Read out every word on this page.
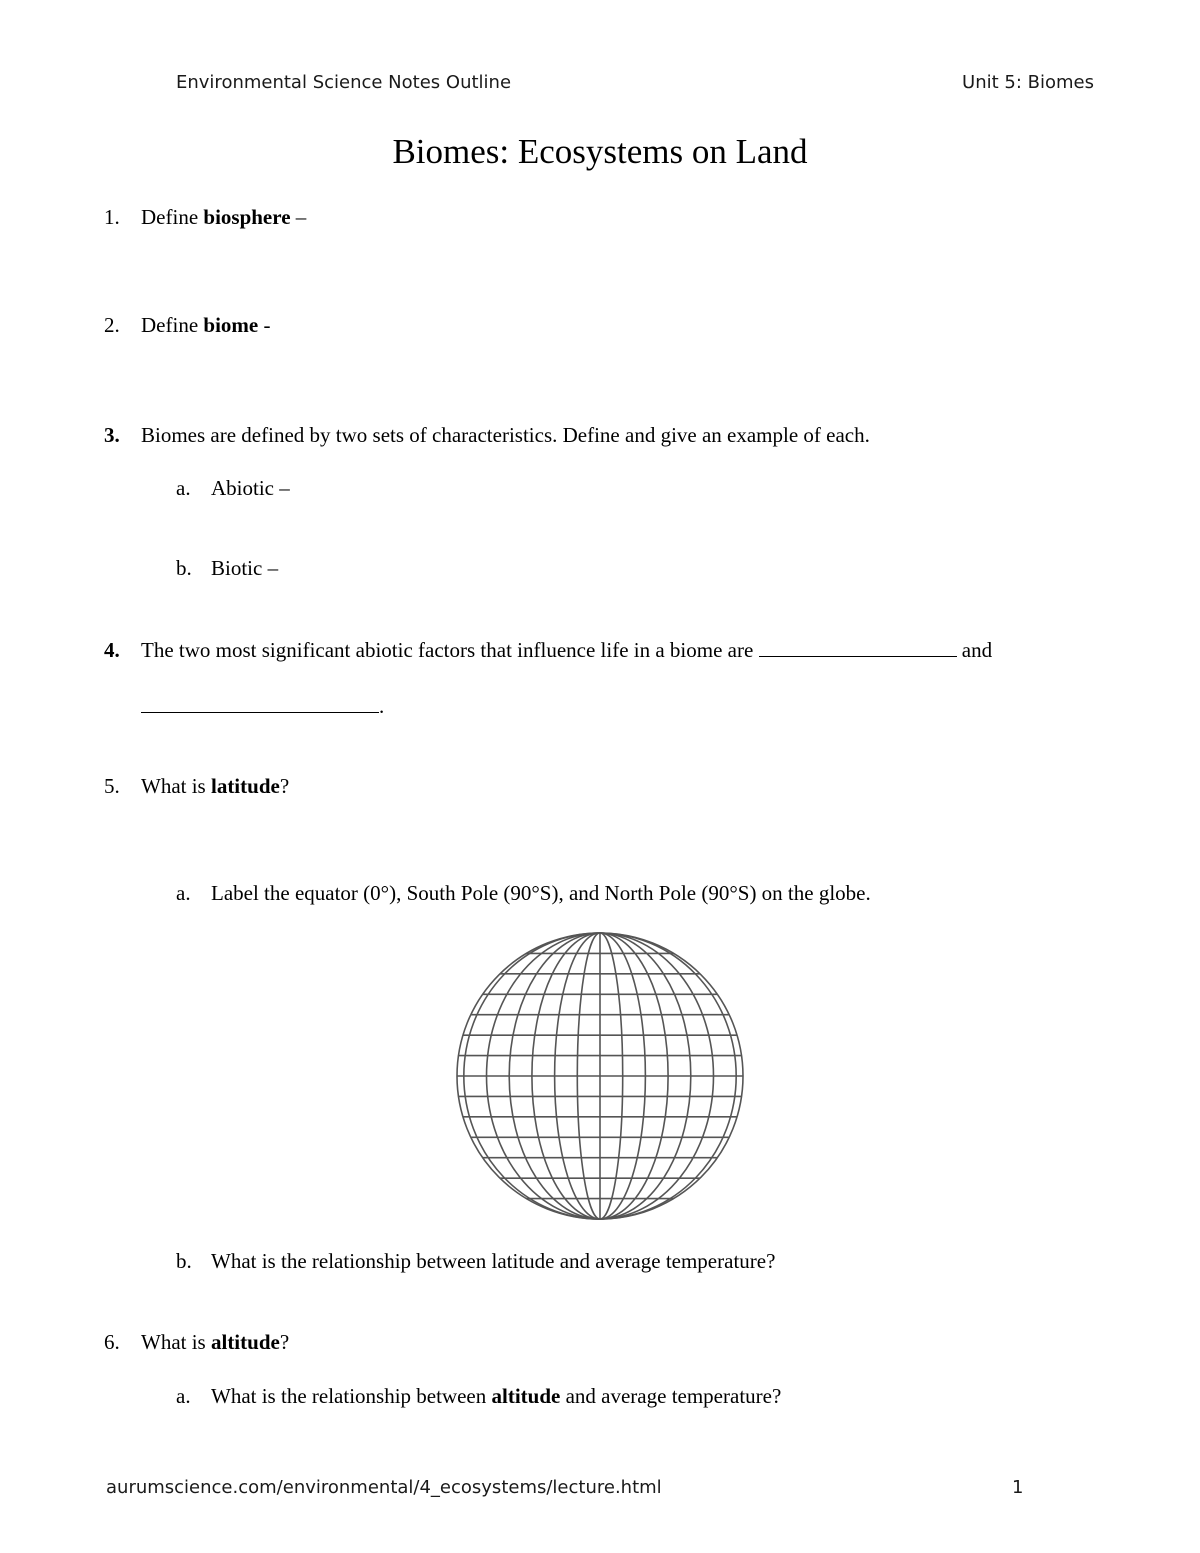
Environmental Science Notes Outline	Unit 5: Biomes
Biomes: Ecosystems on Land
1. Define biosphere –
2. Define biome -
3. Biomes are defined by two sets of characteristics. Define and give an example of each.
a. Abiotic –
b. Biotic –
4. The two most significant abiotic factors that influence life in a biome are	and
.
5. What is latitude?
a. Label the equator (0°), South Pole (90°S), and North Pole (90°S) on the globe.
b. What is the relationship between latitude and average temperature?
6. What is altitude?
a. What is the relationship between altitude and average temperature?
aurumscience.com/environmental/4_ecosystems/lecture.html	1
